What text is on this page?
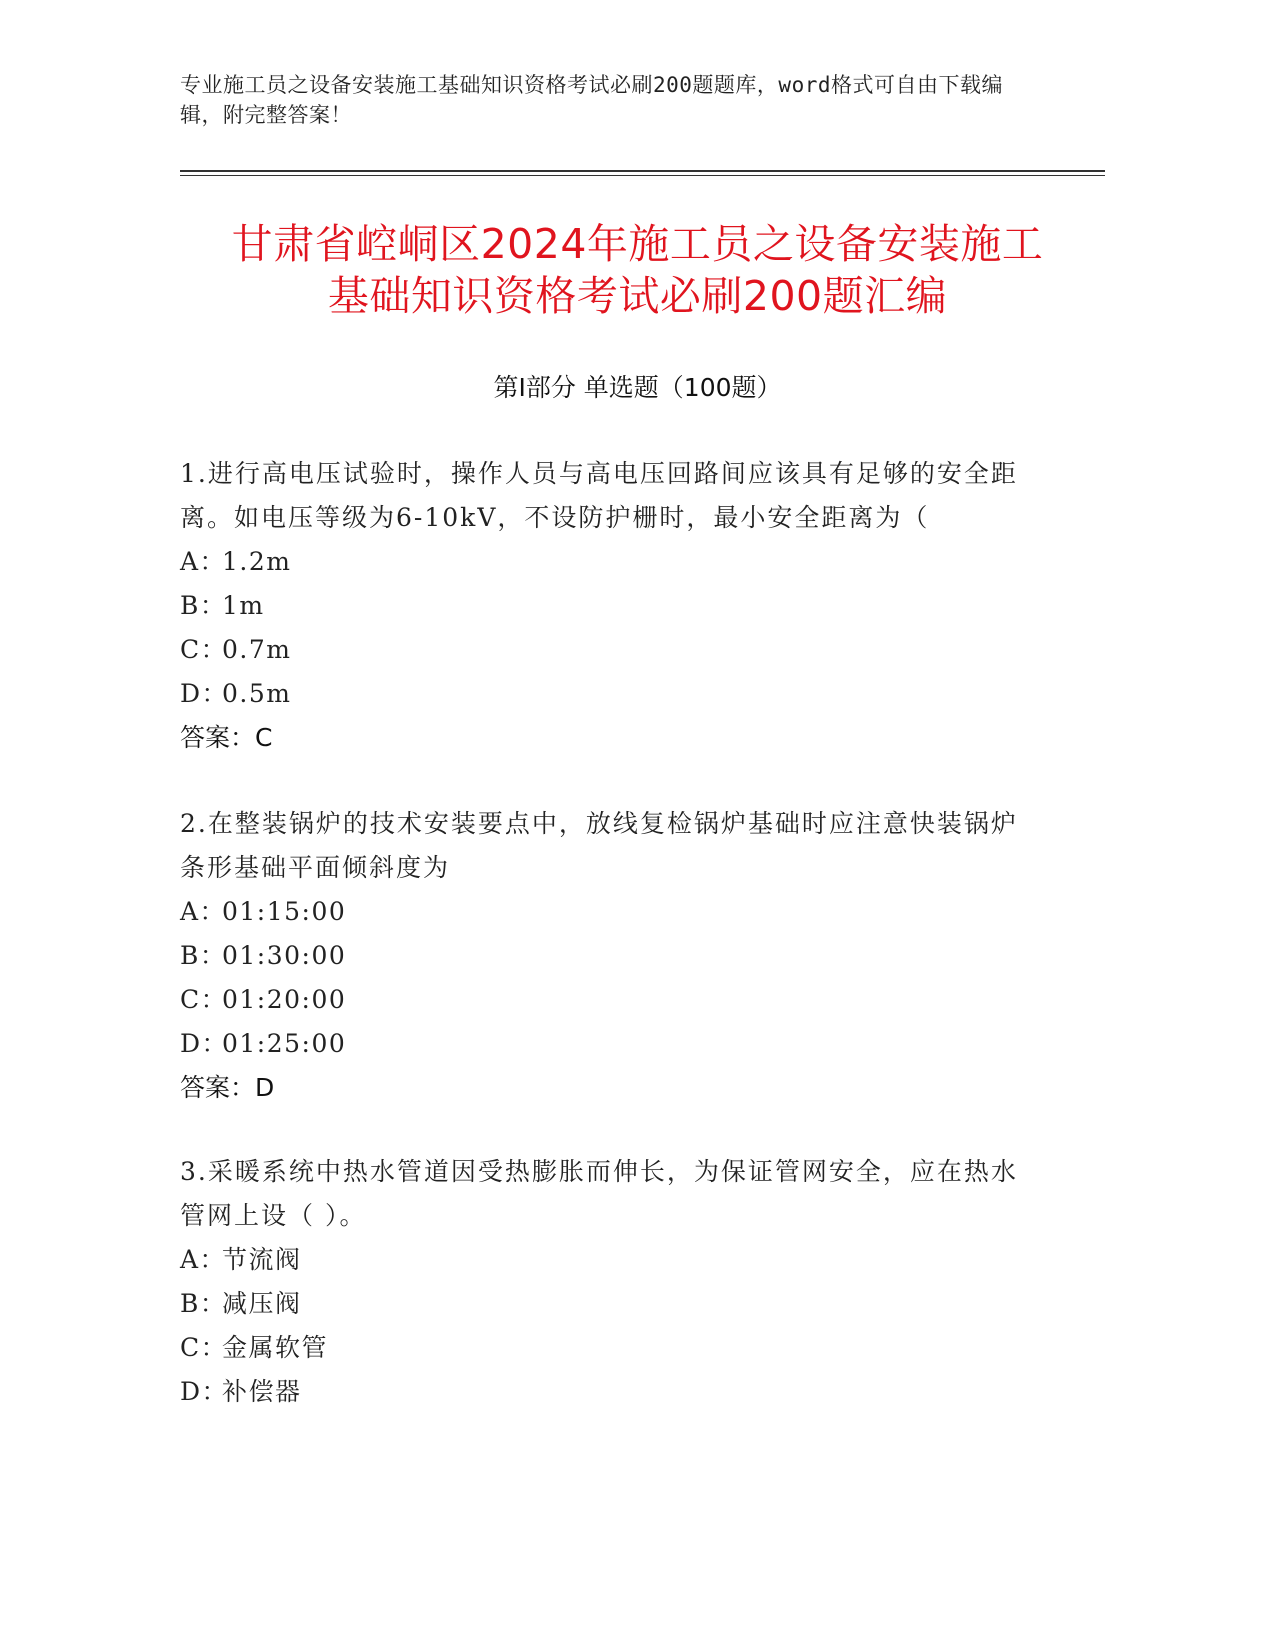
专业施工员之设备安装施工基础知识资格考试必刷200题题库，word格式可自由下载编辑，附完整答案！
甘肃省崆峒区2024年施工员之设备安装施工
基础知识资格考试必刷200题汇编
第Ⅰ部分 单选题（100题）

1.进行高电压试验时，操作人员与高电压回路间应该具有足够的安全距离。如电压等级为6-10kV，不设防护栅时，最小安全距离为（

A：1.2m
B：1m
C：0.7m
D：0.5m
答案：C

2.在整装锅炉的技术安装要点中，放线复检锅炉基础时应注意快装锅炉条形基础平面倾斜度为

A：01:15:00
B：01:30:00
C：01:20:00
D：01:25:00
答案：D

3.采暖系统中热水管道因受热膨胀而伸长，为保证管网安全，应在热水管网上设（ ）。

A：节流阀
B：减压阀
C：金属软管
D：补偿器
